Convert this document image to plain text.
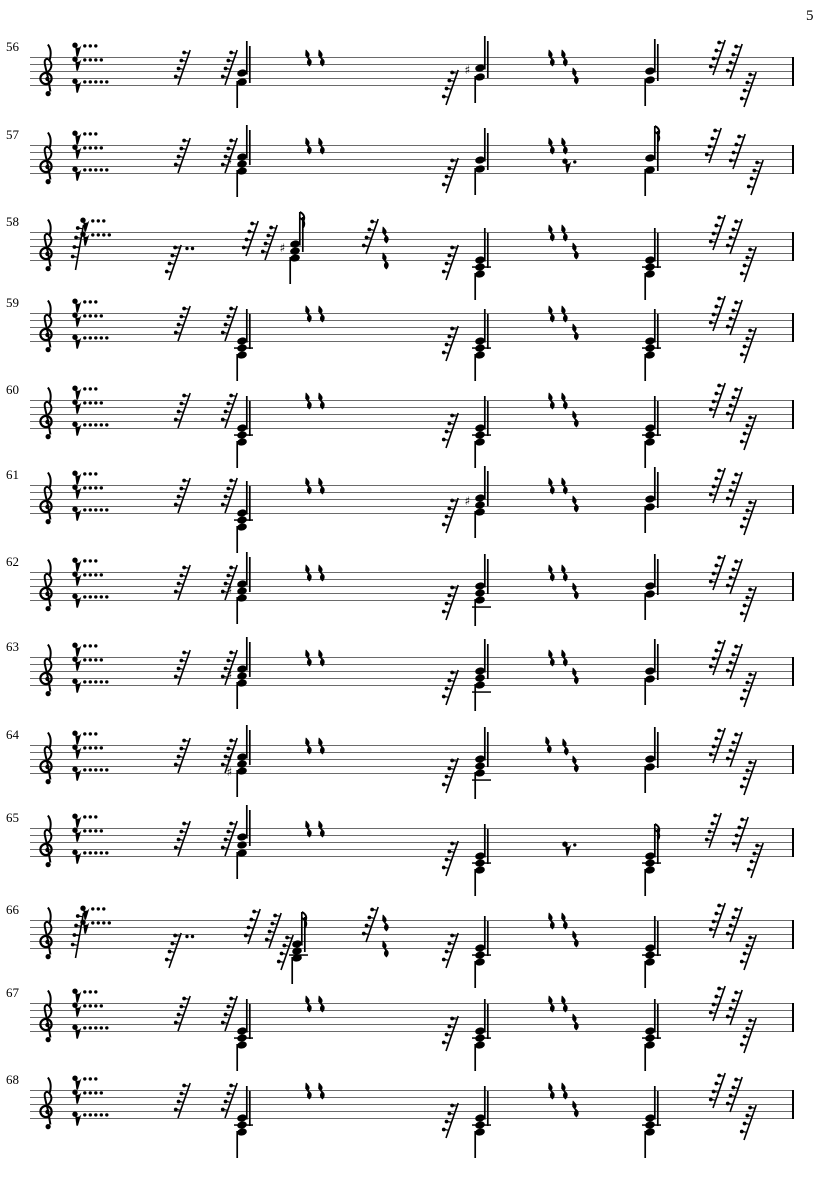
5
56
♯
57
♯
58
♯
59
60
61
♯
62
♯
63
♯
64
♯
♯
65
66
67
68
